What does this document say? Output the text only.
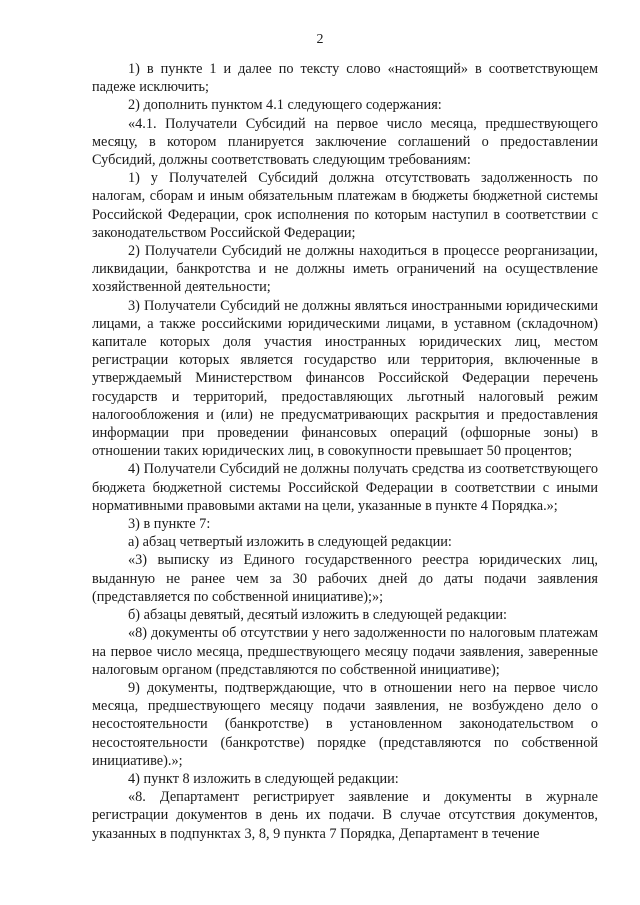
2

1) в пункте 1 и далее по тексту слово «настоящий» в соответствующем падеже исключить;

2) дополнить пунктом 4.1 следующего содержания:

«4.1. Получатели Субсидий на первое число месяца, предшествующего месяцу, в котором планируется заключение соглашений о предоставлении Субсидий, должны соответствовать следующим требованиям:

1) у Получателей Субсидий должна отсутствовать задолженность по налогам, сборам и иным обязательным платежам в бюджеты бюджетной системы Российской Федерации, срок исполнения по которым наступил в соответствии с законодательством Российской Федерации;

2) Получатели Субсидий не должны находиться в процессе реорганизации, ликвидации, банкротства и не должны иметь ограничений на осуществление хозяйственной деятельности;

3) Получатели Субсидий не должны являться иностранными юридическими лицами, а также российскими юридическими лицами, в уставном (складочном) капитале которых доля участия иностранных юридических лиц, местом регистрации которых является государство или территория, включенные в утверждаемый Министерством финансов Российской Федерации перечень государств и территорий, предоставляющих льготный налоговый режим налогообложения и (или) не предусматривающих раскрытия и предоставления информации при проведении финансовых операций (офшорные зоны) в отношении таких юридических лиц, в совокупности превышает 50 процентов;

4) Получатели Субсидий не должны получать средства из соответствующего бюджета бюджетной системы Российской Федерации в соответствии с иными нормативными правовыми актами на цели, указанные в пункте 4 Порядка.»;

3) в пункте 7:

а) абзац четвертый изложить в следующей редакции:

«3) выписку из Единого государственного реестра юридических лиц, выданную не ранее чем за 30 рабочих дней до даты подачи заявления (представляется по собственной инициативе);»;

б) абзацы девятый, десятый изложить в следующей редакции:

«8) документы об отсутствии у него задолженности по налоговым платежам на первое число месяца, предшествующего месяцу подачи заявления, заверенные налоговым органом (представляются по собственной инициативе);

9) документы, подтверждающие, что в отношении него на первое число месяца, предшествующего месяцу подачи заявления, не возбуждено дело о несостоятельности (банкротстве) в установленном законодательством о несостоятельности (банкротстве) порядке (представляются по собственной инициативе).»;

4) пункт 8 изложить в следующей редакции:

«8. Департамент регистрирует заявление и документы в журнале регистрации документов в день их подачи. В случае отсутствия документов, указанных в подпунктах 3, 8, 9 пункта 7 Порядка, Департамент в течение
